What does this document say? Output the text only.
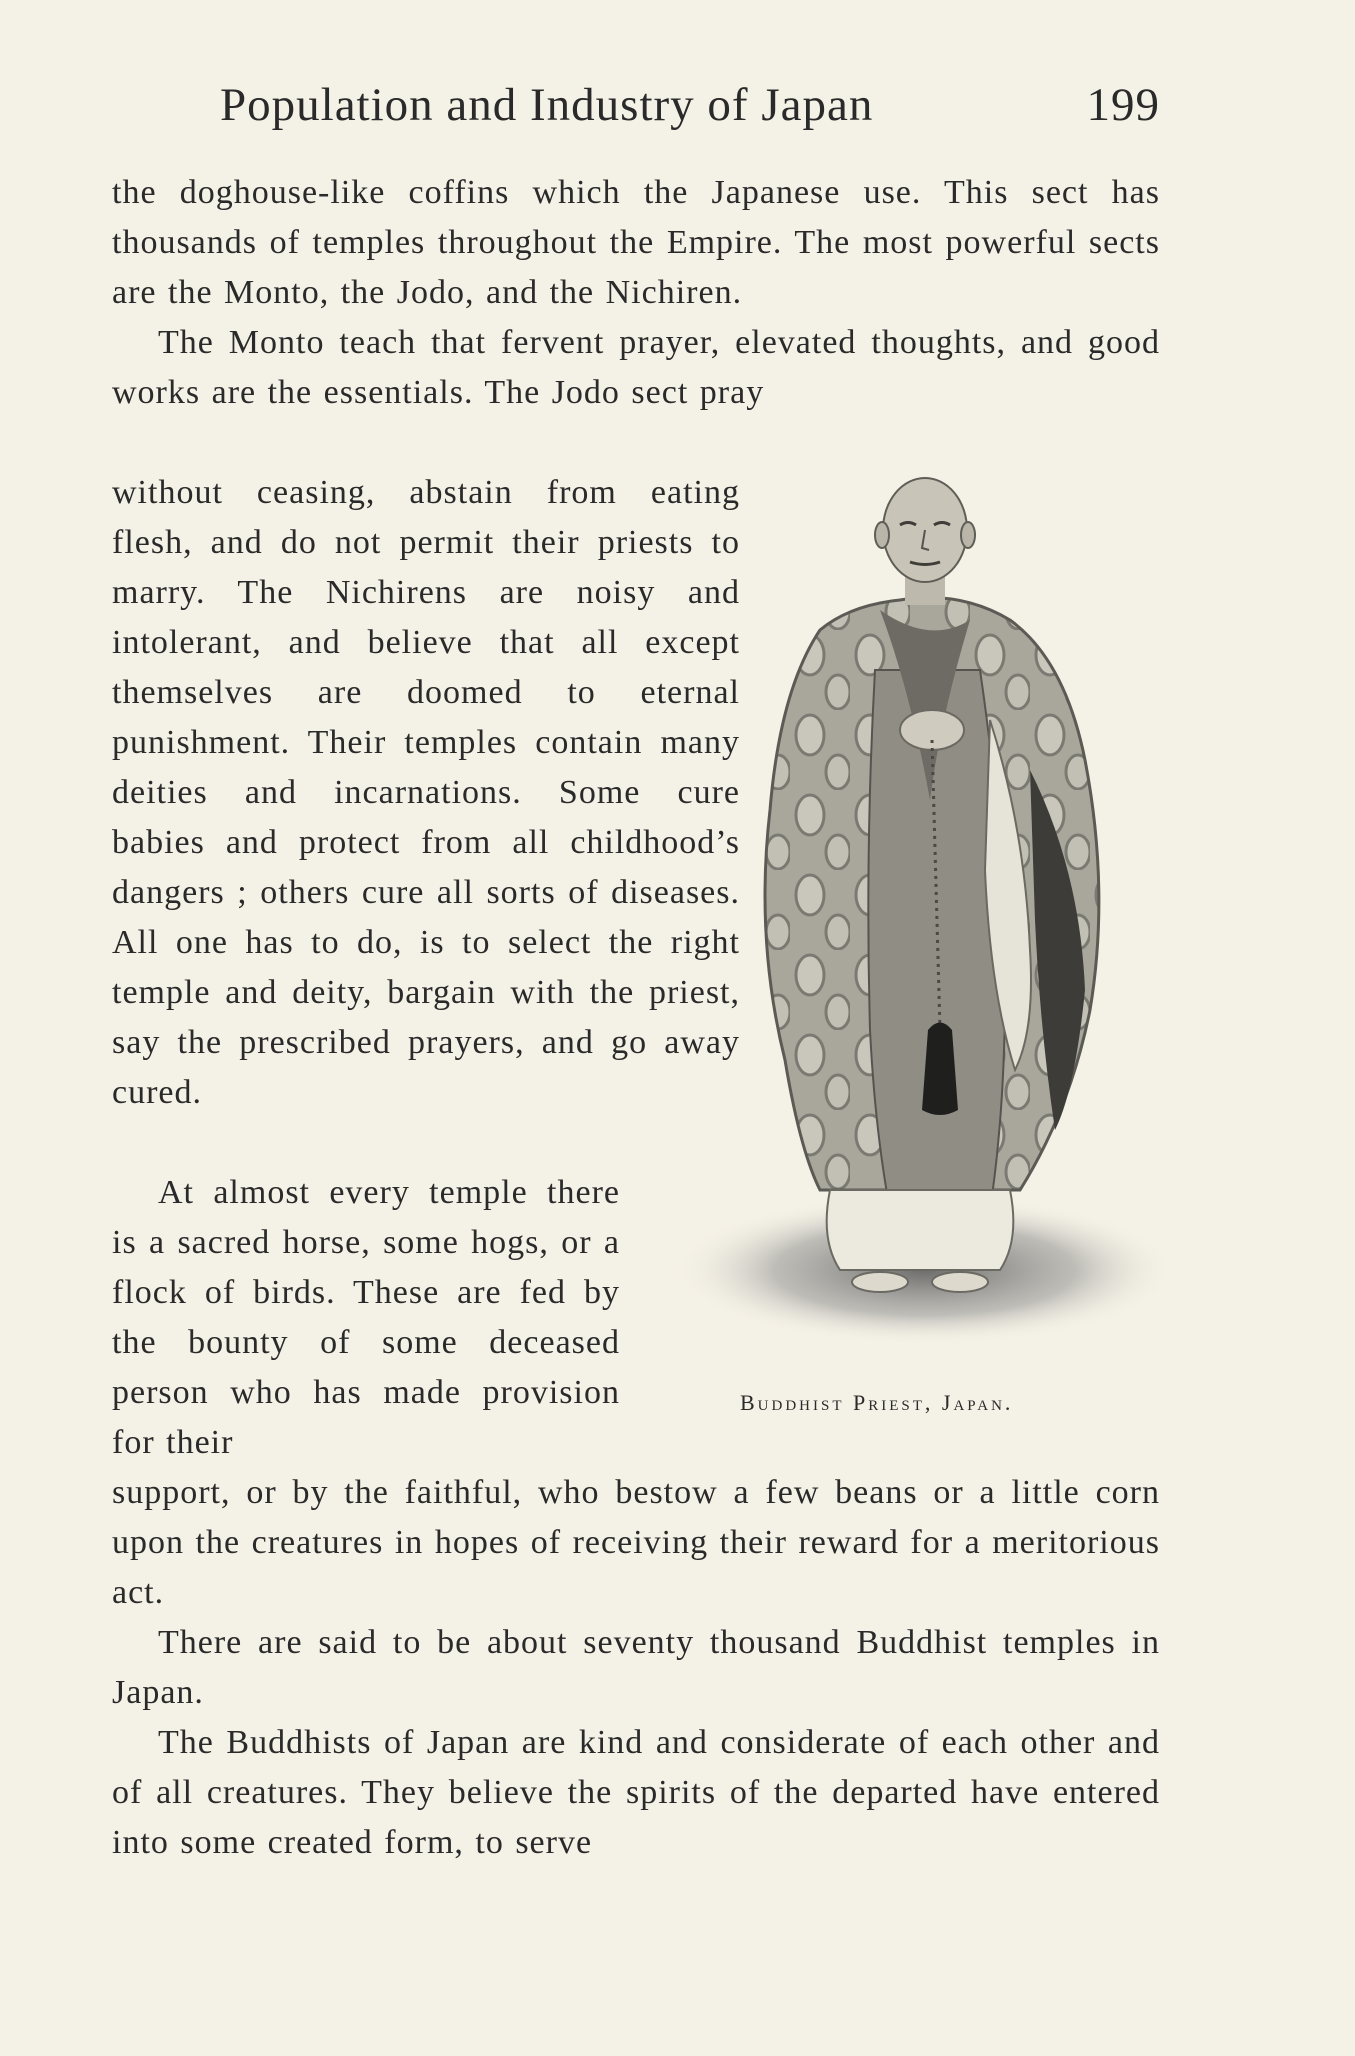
Population and Industry of Japan	199

the doghouse-like coffins which the Japanese use. This sect has thousands of temples throughout the Empire. The most powerful sects are the Monto, the Jodo, and the Nichiren.

The Monto teach that fervent prayer, elevated thoughts, and good works are the essentials. The Jodo sect pray

without ceasing, abstain from eating flesh, and do not permit their priests to marry. The Nichirens are noisy and intolerant, and believe that all except themselves are doomed to eternal punishment. Their temples contain many deities and incarnations. Some cure babies and protect from all childhood’s dangers ; others cure all sorts of diseases. All one has to do, is to select the right temple and deity, bargain with the priest, say the prescribed prayers, and go away cured.

At almost every temple there is a sacred horse, some hogs, or a flock of birds. These are fed by the bounty of some deceased person who has made provision for their

support, or by the faithful, who bestow a few beans or a little corn upon the creatures in hopes of receiving their reward for a meritorious act.

There are said to be about seventy thousand Buddhist temples in Japan.

The Buddhists of Japan are kind and considerate of each other and of all creatures. They believe the spirits of the departed have entered into some created form, to serve

Buddhist Priest, Japan.
